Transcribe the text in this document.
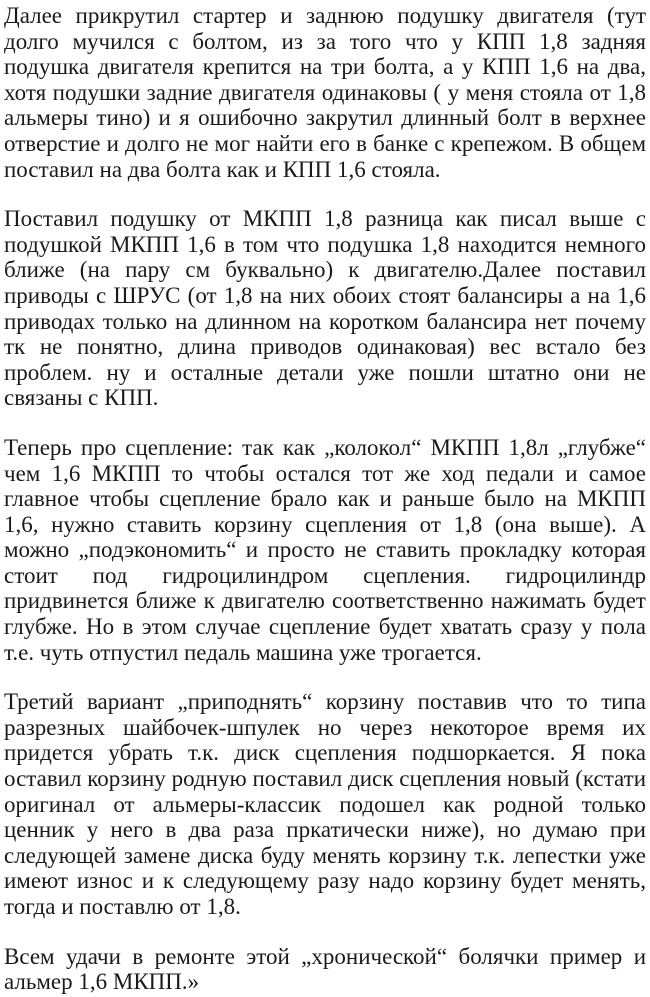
Далее прикрутил стартер и заднюю подушку двигателя (тут долго мучился с болтом, из за того что у КПП 1,8 задняя подушка двигателя крепится на три болта, а у КПП 1,6 на два, хотя подушки задние двигателя одинаковы ( у меня стояла от 1,8 альмеры тино) и я ошибочно закрутил длинный болт в верхнее отверстие и долго не мог найти его в банке с крепежом. В общем поставил на два болта как и КПП 1,6 стояла.

Поставил подушку от МКПП 1,8 разница как писал выше с подушкой МКПП 1,6 в том что подушка 1,8 находится немного ближе (на пару см буквально) к двигателю.Далее поставил приводы с ШРУС (от 1,8 на них обоих стоят балансиры а на 1,6 приводах только на длинном на коротком балансира нет почему тк не понятно, длина приводов одинаковая) вес встало без проблем. ну и осталные детали уже пошли штатно они не связаны с КПП.

Теперь про сцепление: так как „колокол“ МКПП 1,8л „глубже“ чем 1,6 МКПП то чтобы остался тот же ход педали и самое главное чтобы сцепление брало как и раньше было на МКПП 1,6, нужно ставить корзину сцепления от 1,8 (она выше). А можно „подэкономить“ и просто не ставить прокладку которая стоит под гидроцилиндром сцепления. гидроцилиндр придвинется ближе к двигателю соответственно нажимать будет глубже. Но в этом случае сцепление будет хватать сразу у пола т.е. чуть отпустил педаль машина уже трогается.

Третий вариант „приподнять“ корзину поставив что то типа разрезных шайбочек-шпулек но через некоторое время их придется убрать т.к. диск сцепления подшоркается. Я пока оставил корзину родную поставил диск сцепления новый (кстати оригинал от альмеры-классик подошел как родной только ценник у него в два раза пркатически ниже), но думаю при следующей замене диска буду менять корзину т.к. лепестки уже имеют износ и к следующему разу надо корзину будет менять, тогда и поставлю от 1,8.

Всем удачи в ремонте этой „хронической“ болячки пример и альмер 1,6 МКПП.»
